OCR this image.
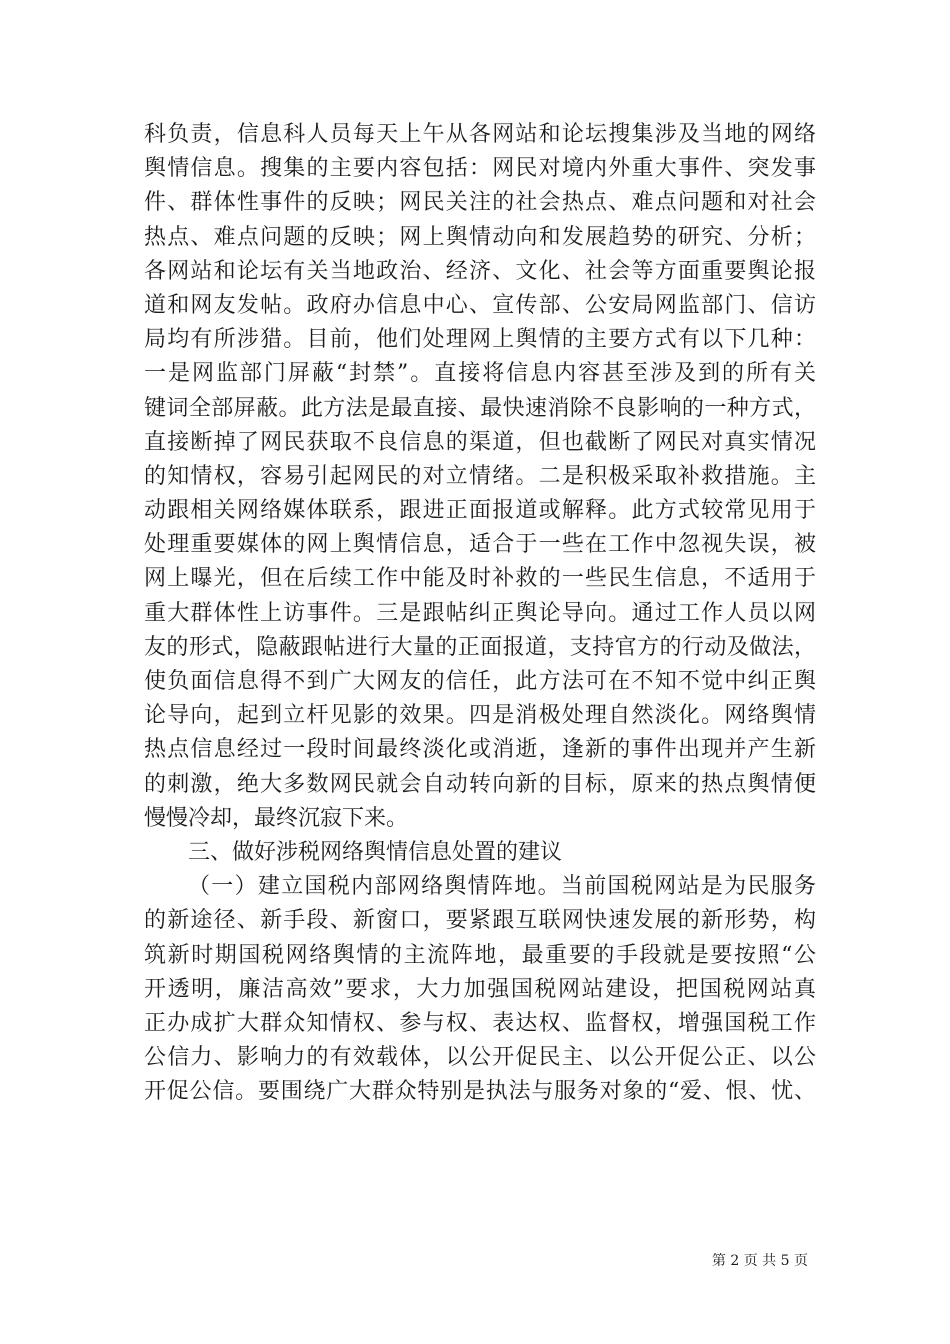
科负责，信息科人员每天上午从各网站和论坛搜集涉及当地的网络
舆情信息。搜集的主要内容包括：网民对境内外重大事件、突发事
件、群体性事件的反映；网民关注的社会热点、难点问题和对社会
热点、难点问题的反映；网上舆情动向和发展趋势的研究、分析；
各网站和论坛有关当地政治、经济、文化、社会等方面重要舆论报
道和网友发帖。政府办信息中心、宣传部、公安局网监部门、信访
局均有所涉猎。目前，他们处理网上舆情的主要方式有以下几种：
一是网监部门屏蔽“封禁”。直接将信息内容甚至涉及到的所有关
键词全部屏蔽。此方法是最直接、最快速消除不良影响的一种方式，
直接断掉了网民获取不良信息的渠道，但也截断了网民对真实情况
的知情权，容易引起网民的对立情绪。二是积极采取补救措施。主
动跟相关网络媒体联系，跟进正面报道或解释。此方式较常见用于
处理重要媒体的网上舆情信息，适合于一些在工作中忽视失误，被
网上曝光，但在后续工作中能及时补救的一些民生信息，不适用于
重大群体性上访事件。三是跟帖纠正舆论导向。通过工作人员以网
友的形式，隐蔽跟帖进行大量的正面报道，支持官方的行动及做法，
使负面信息得不到广大网友的信任，此方法可在不知不觉中纠正舆
论导向，起到立杆见影的效果。四是消极处理自然淡化。网络舆情
热点信息经过一段时间最终淡化或消逝，逢新的事件出现并产生新
的刺激，绝大多数网民就会自动转向新的目标，原来的热点舆情便
慢慢冷却，最终沉寂下来。
三、做好涉税网络舆情信息处置的建议
（一）建立国税内部网络舆情阵地。当前国税网站是为民服务
的新途径、新手段、新窗口，要紧跟互联网快速发展的新形势，构
筑新时期国税网络舆情的主流阵地，最重要的手段就是要按照“公
开透明，廉洁高效”要求，大力加强国税网站建设，把国税网站真
正办成扩大群众知情权、参与权、表达权、监督权，增强国税工作
公信力、影响力的有效载体，以公开促民主、以公开促公正、以公
开促公信。要围绕广大群众特别是执法与服务对象的“爱、恨、忧、
第 2 页 共 5 页
